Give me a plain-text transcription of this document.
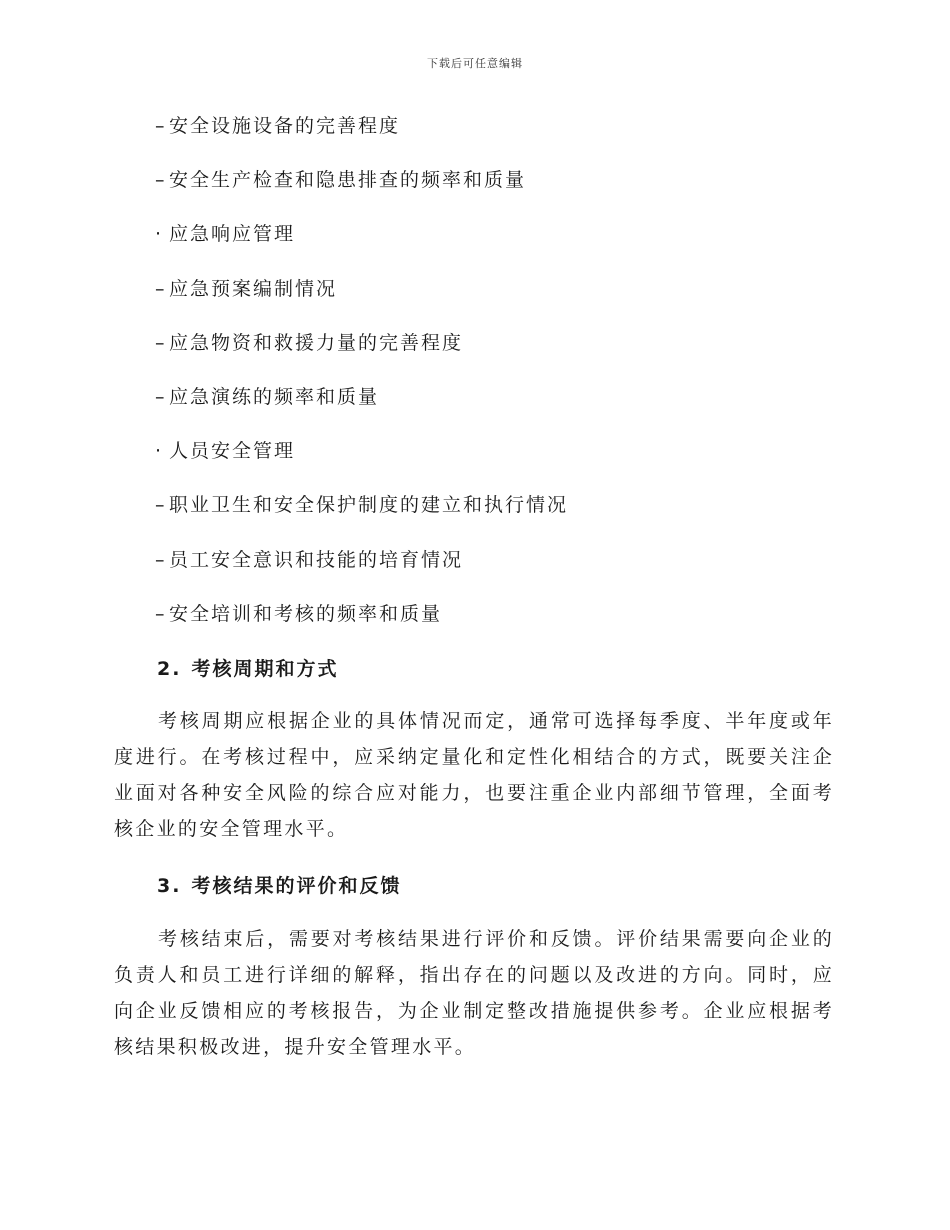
下载后可任意编辑
– 安全设施设备的完善程度
– 安全生产检查和隐患排查的频率和质量
· 应急响应管理
– 应急预案编制情况
– 应急物资和救援力量的完善程度
– 应急演练的频率和质量
· 人员安全管理
– 职业卫生和安全保护制度的建立和执行情况
– 员工安全意识和技能的培育情况
– 安全培训和考核的频率和质量
2. 考核周期和方式
考核周期应根据企业的具体情况而定，通常可选择每季度、半年度或年度进行。在考核过程中，应采纳定量化和定性化相结合的方式，既要关注企业面对各种安全风险的综合应对能力，也要注重企业内部细节管理，全面考核企业的安全管理水平。
3. 考核结果的评价和反馈
考核结束后，需要对考核结果进行评价和反馈。评价结果需要向企业的负责人和员工进行详细的解释，指出存在的问题以及改进的方向。同时，应向企业反馈相应的考核报告，为企业制定整改措施提供参考。企业应根据考核结果积极改进，提升安全管理水平。
